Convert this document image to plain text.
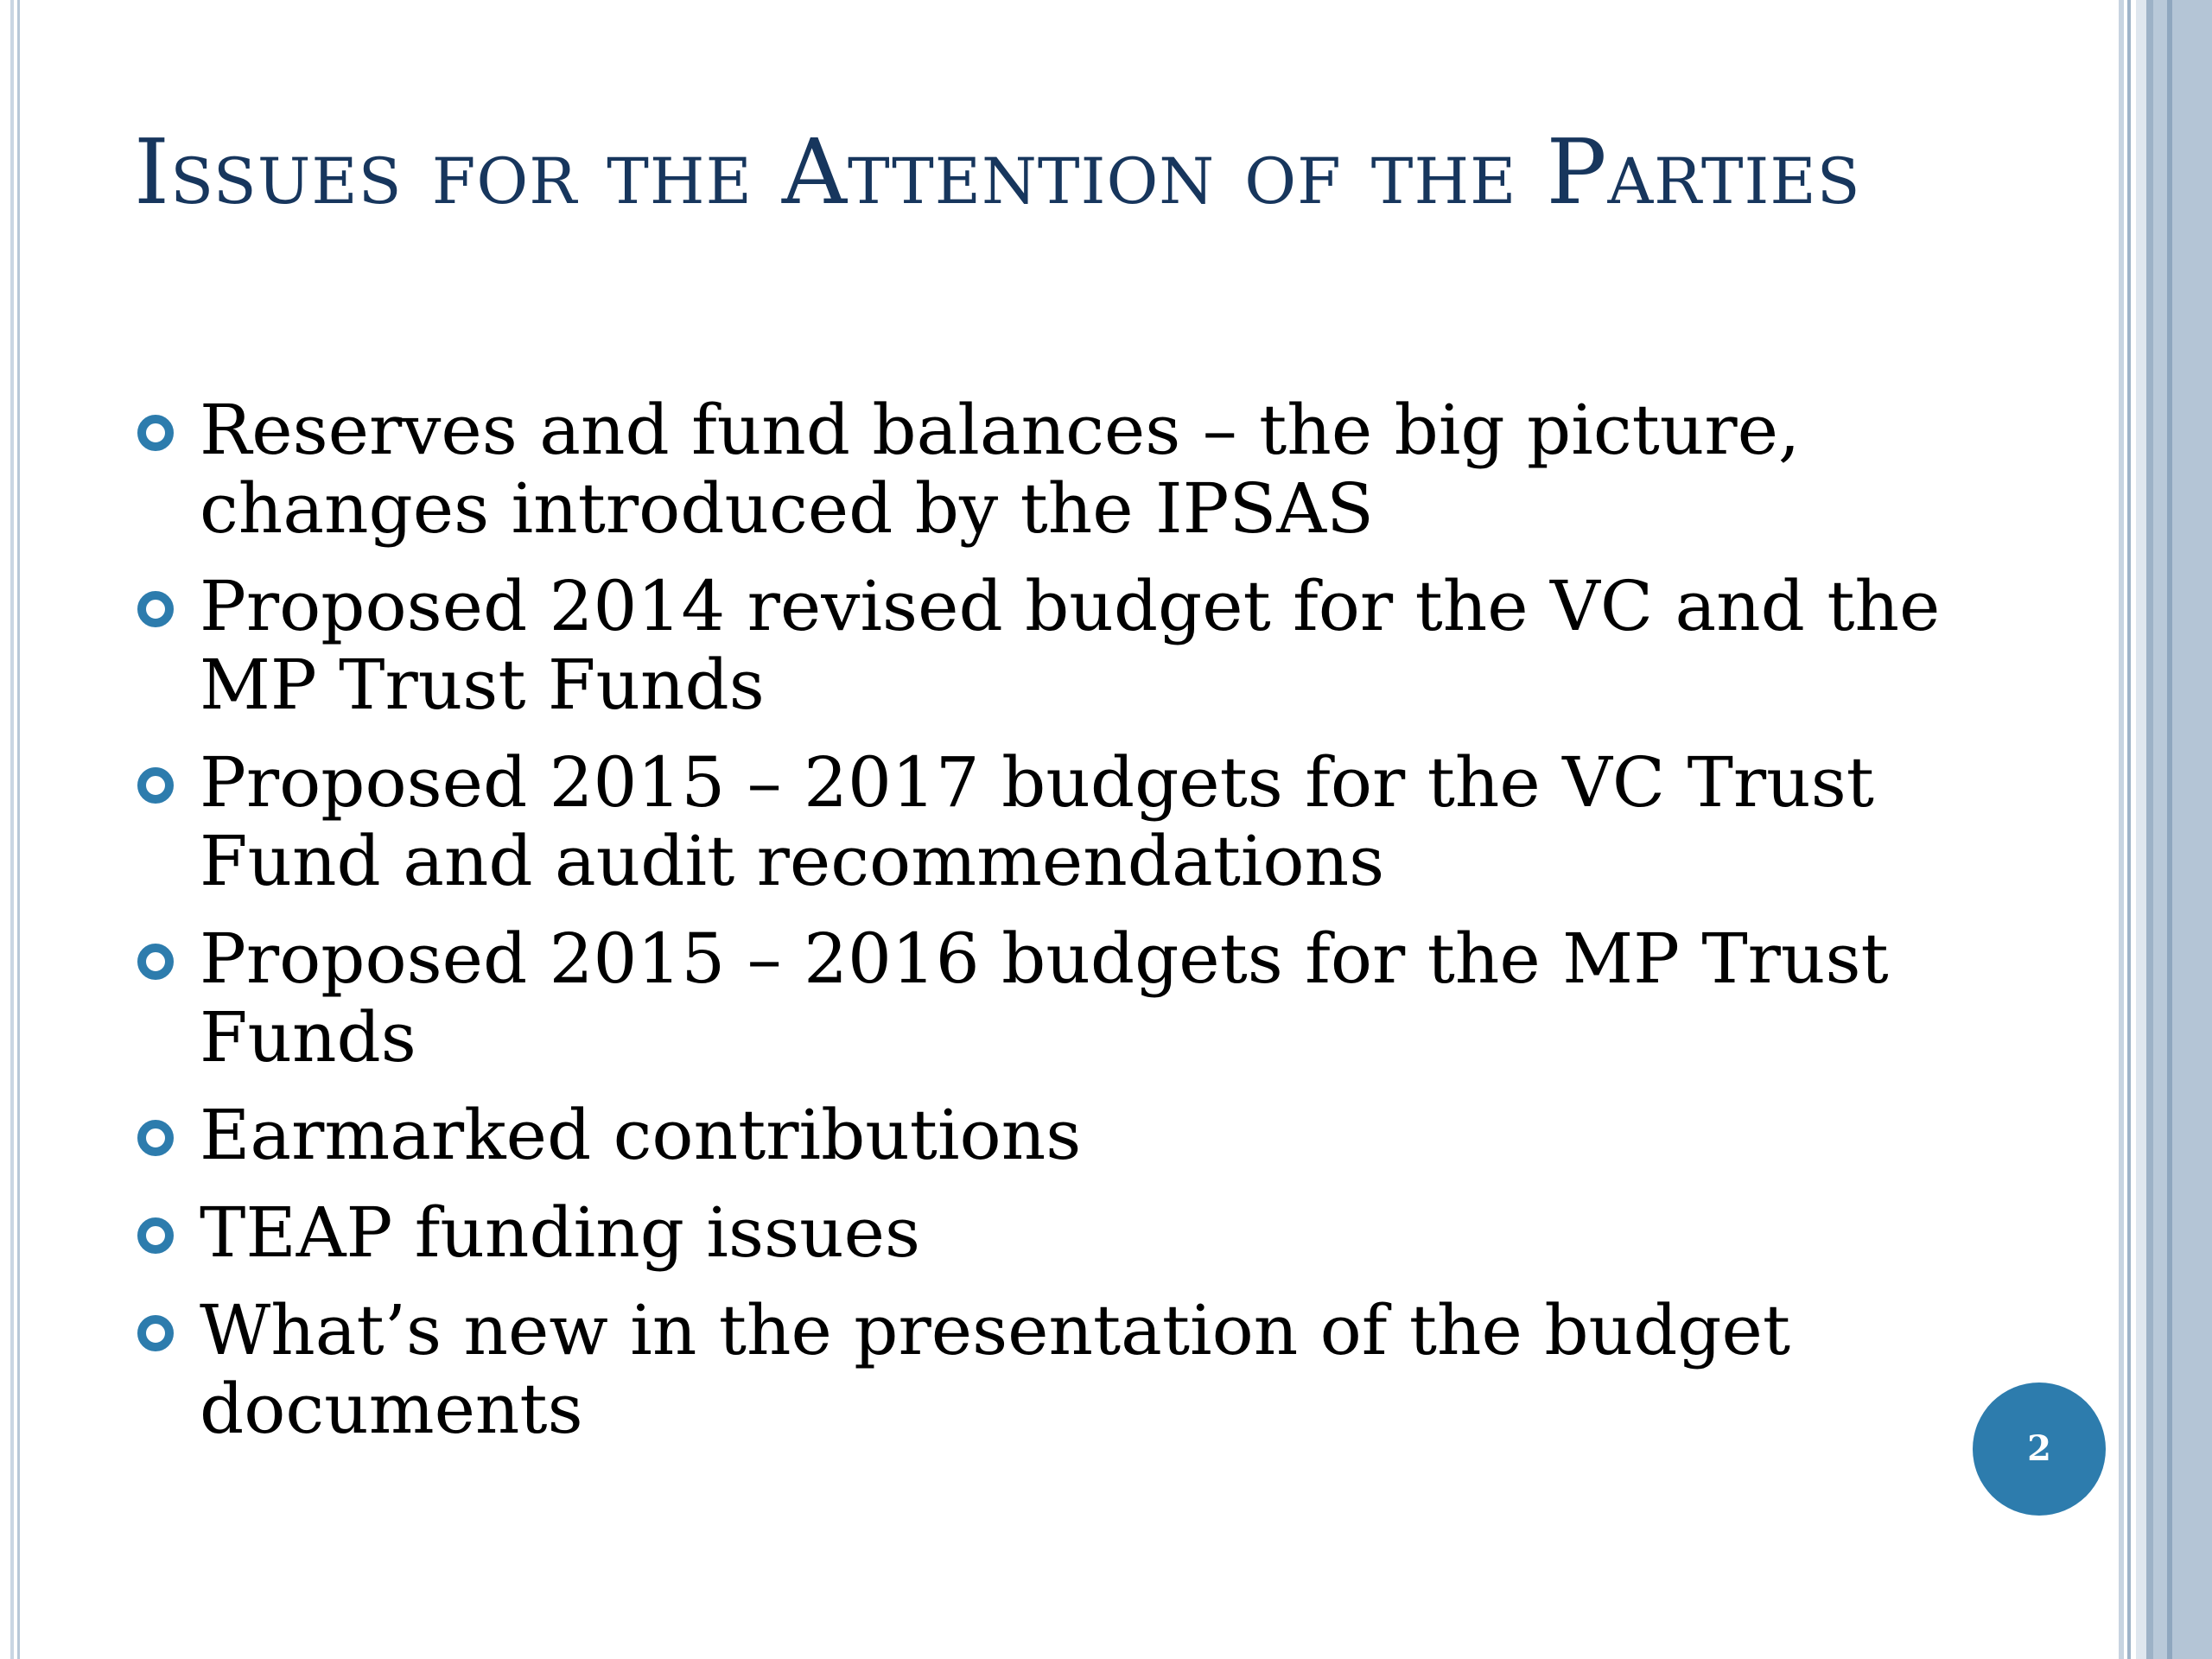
Issues for the Attention of the Parties
Reserves and fund balances – the big picture, changes introduced by the IPSAS
Proposed 2014 revised budget for the VC and the MP Trust Funds
Proposed 2015 – 2017 budgets for the VC Trust Fund and audit recommendations
Proposed 2015 – 2016 budgets for the MP Trust Funds
Earmarked contributions
TEAP funding issues
What’s new in the presentation of the budget documents	2
